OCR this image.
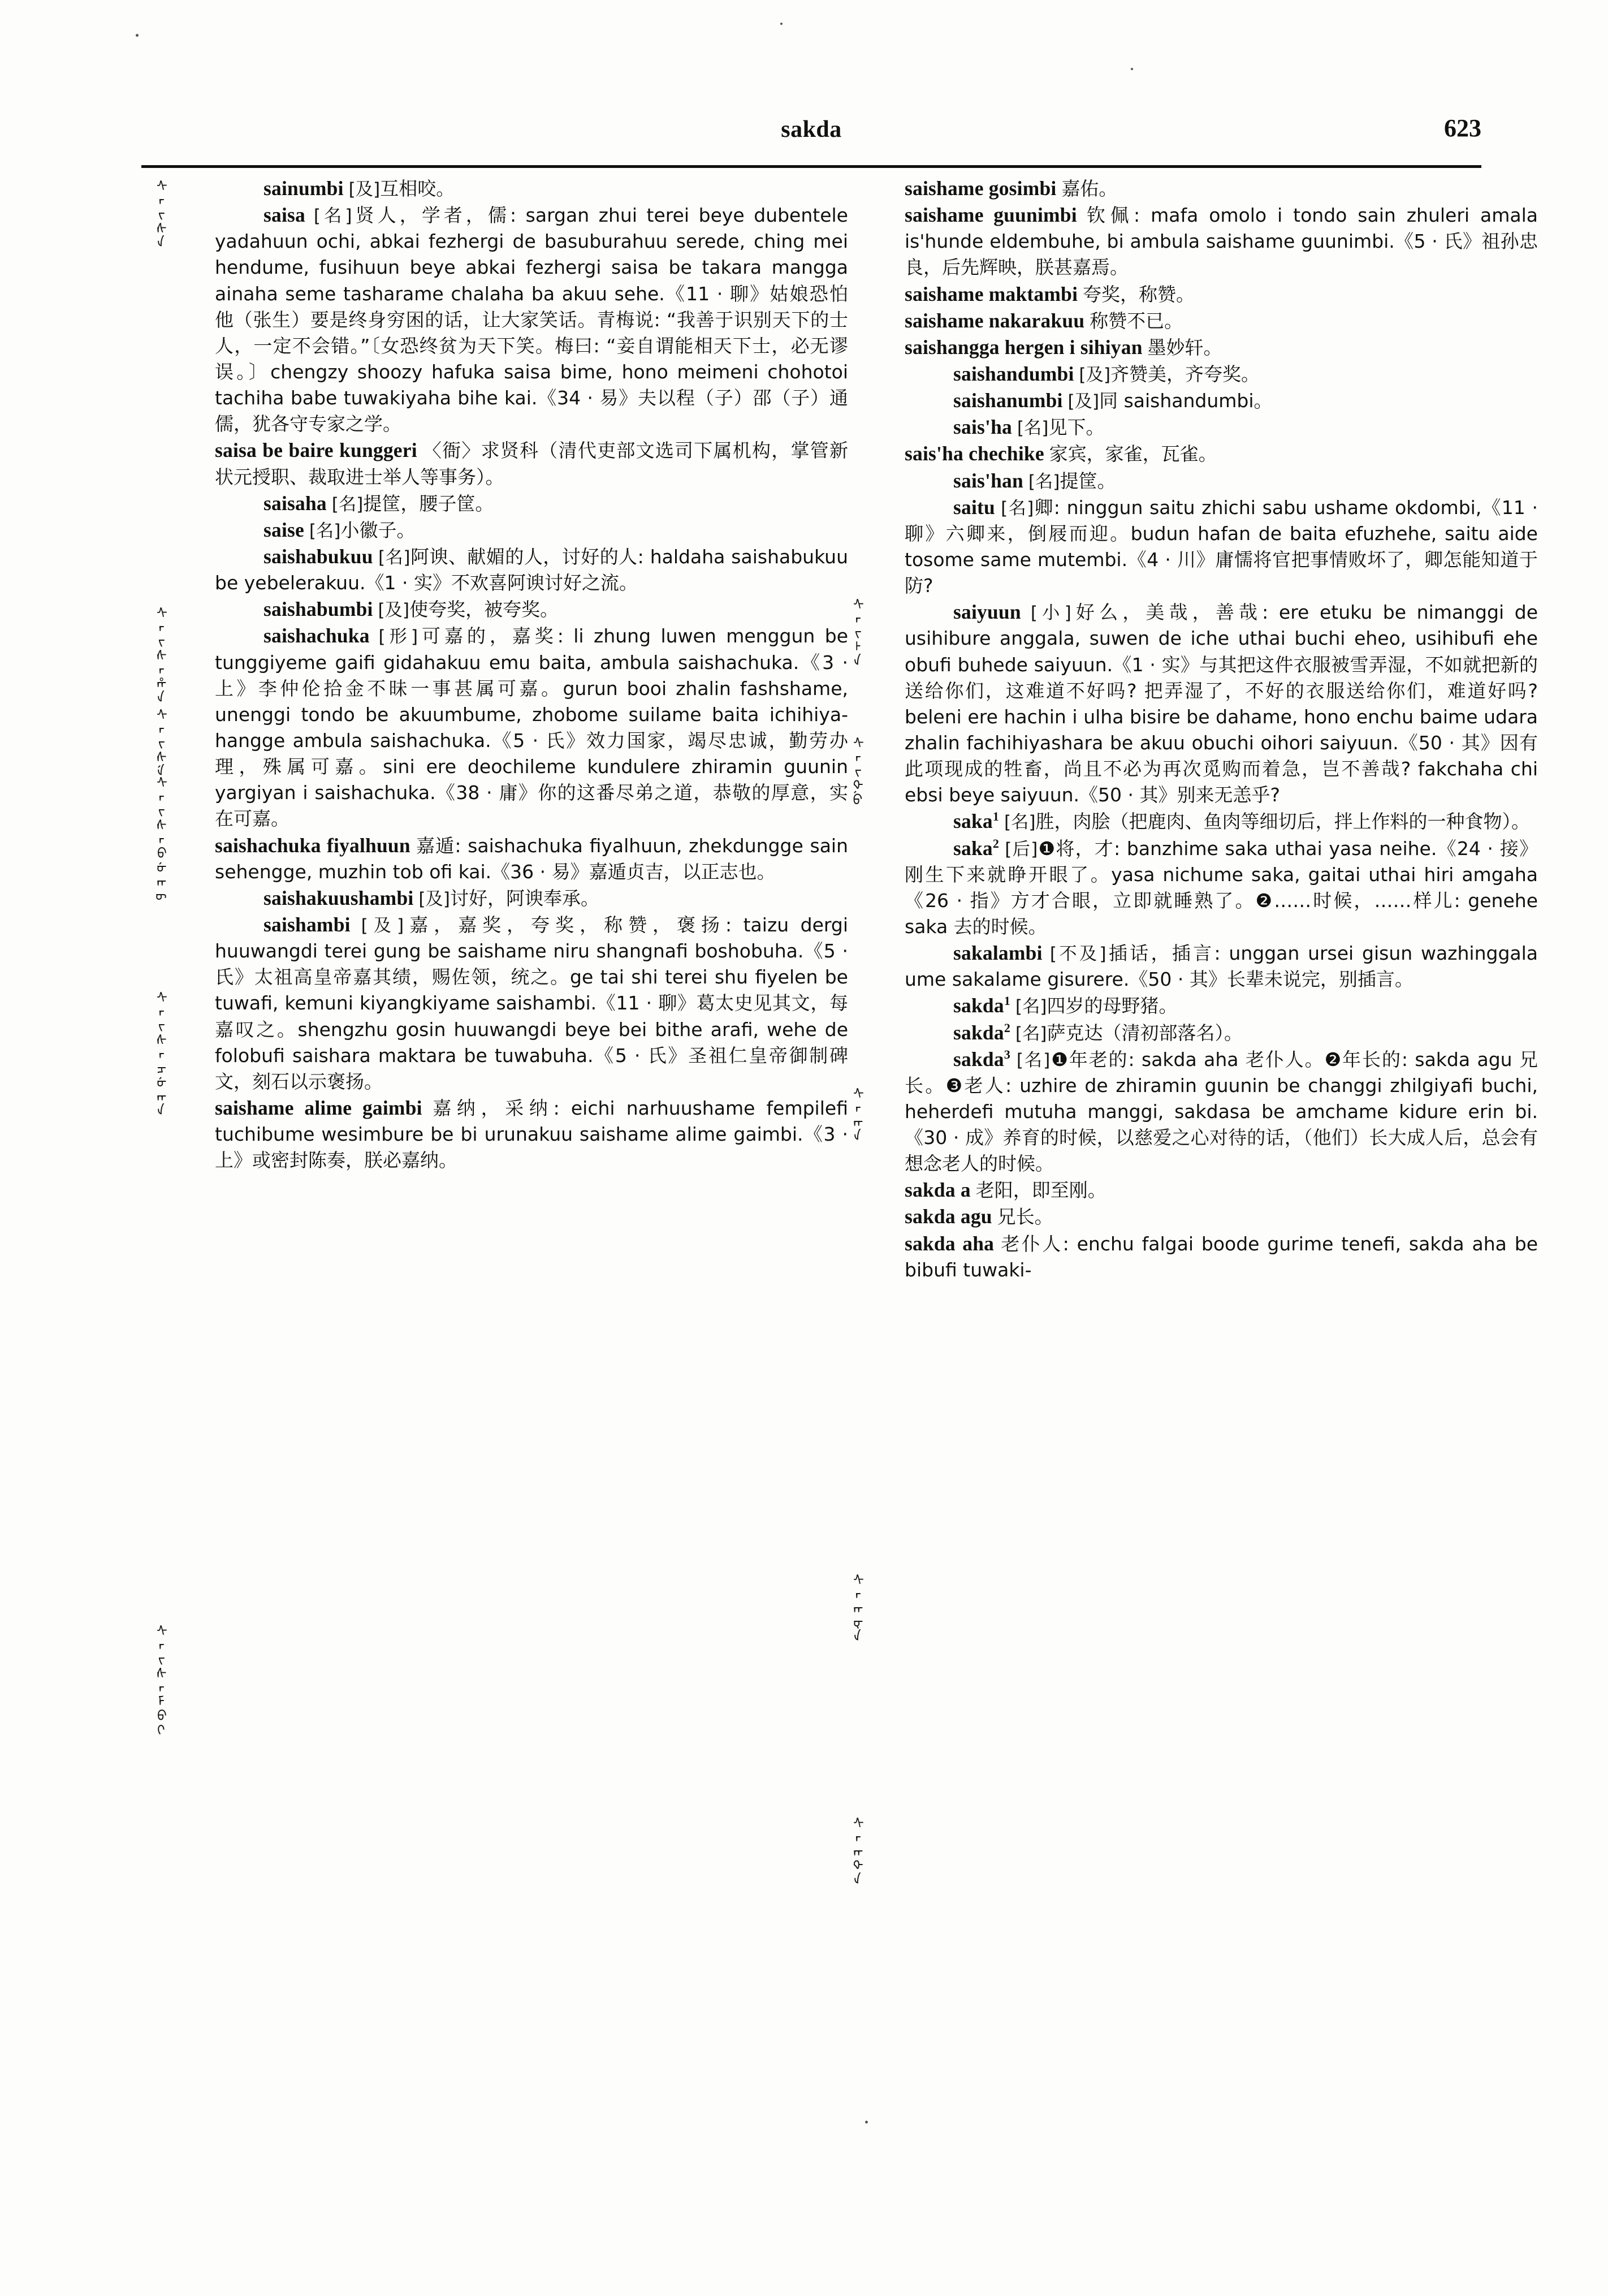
sakda	623
ᠰᠠᡳᠰᠠ
ᠰᠠᡳᠰᠠᡥᠠ
ᠰᠠᡳᠰᡝ
ᠰᠠᡳᠰᠠᠪᡠᡴᡡ
ᠰᠠᡳᠰᠠᠴᡠᡴᠠ
ᠰᠠᡳᠰᠠᠮᠪᡳ
ᠰᠠᡳᡰᠠ
ᠰᠠᡳᡐᡠ
ᠰᠠᡴᠠ
ᠰᠠᡴᡇᠠ
ᠰᠠᡴᡐᠠ

sainumbi [及]互相咬。

saisa [名]贤人，学者，儒: sargan zhui terei beye dubentele yadahuun ochi, abkai fezhergi de basuburahuu serede, ching mei hendume, fusihuun beye abkai fezhergi saisa be takara mangga ainaha seme tasharame chalaha ba akuu sehe.《11 · 聊》姑娘恐怕他（张生）要是终身穷困的话，让大家笑话。青梅说: “我善于识别天下的士人，一定不会错。”〔女恐终贫为天下笑。梅曰: “妾自谓能相天下士，必无谬误。〕chengzy shoozy hafuka saisa bime, hono meimeni chohotoi tachiha babe tuwakiyaha bihe kai.《34 · 易》夫以程（子）邵（子）通儒，犹各守专家之学。

saisa be baire kunggeri 〈衙〉求贤科（清代吏部文选司下属机构，掌管新状元授职、裁取进士举人等事务）。

saisaha [名]提筐，腰子筐。

saise [名]小徽子。

saishabukuu [名]阿谀、献媚的人，讨好的人: haldaha saishabukuu be yebelerakuu.《1 · 实》不欢喜阿谀讨好之流。

saishabumbi [及]使夸奖，被夸奖。

saishachuka [形]可嘉的，嘉奖: li zhung luwen menggun be tunggiyeme gaifi gidahakuu emu baita, ambula saishachuka.《3 · 上》李仲伦拾金不昧一事甚属可嘉。gurun booi zhalin fashshame, unenggi tondo be akuumbume, zhobome suilame baita ichihiya-hangge ambula saishachuka.《5 · 氏》效力国家，竭尽忠诚，勤劳办理，殊属可嘉。sini ere deochileme kundulere zhiramin guunin yargiyan i saishachuka.《38 · 庸》你的这番尽弟之道，恭敬的厚意，实在可嘉。

saishachuka fiyalhuun 嘉遁: saishachuka fiyalhuun, zhekdungge sain sehengge, muzhin tob ofi kai.《36 · 易》嘉遁贞吉，以正志也。

saishakuushambi [及]讨好，阿谀奉承。

saishambi [及]嘉，嘉奖，夸奖，称赞，褒扬: taizu dergi huuwangdi terei gung be saishame niru shangnafi boshobuha.《5 · 氏》太祖高皇帝嘉其绩，赐佐领，统之。ge tai shi terei shu fiyelen be tuwafi, kemuni kiyangkiyame saishambi.《11 · 聊》葛太史见其文，每嘉叹之。shengzhu gosin huuwangdi beye bei bithe arafi, wehe de folobufi saishara maktara be tuwabuha.《5 · 氏》圣祖仁皇帝御制碑文，刻石以示褒扬。

saishame alime gaimbi 嘉纳，采纳: eichi narhuushame fempilefi tuchibume wesimbure be bi urunakuu saishame alime gaimbi.《3 · 上》或密封陈奏，朕必嘉纳。

saishame gosimbi 嘉佑。

saishame guunimbi 钦佩: mafa omolo i tondo sain zhuleri amala is'hunde eldembuhe, bi ambula saishame guunimbi.《5 · 氏》祖孙忠良，后先辉映，朕甚嘉焉。

saishame maktambi 夸奖，称赞。

saishame nakarakuu 称赞不已。

saishangga hergen i sihiyan 墨妙轩。

saishandumbi [及]齐赞美，齐夸奖。

saishanumbi [及]同 saishandumbi。

sais'ha [名]见下。

sais'ha chechike 家宾，家雀，瓦雀。

sais'han [名]提筐。

saitu [名]卿: ninggun saitu zhichi sabu ushame okdombi,《11 · 聊》六卿来，倒屐而迎。budun hafan de baita efuzhehe, saitu aide tosome same mutembi.《4 · 川》庸懦将官把事情败坏了，卿怎能知道于防?

saiyuun [小]好么，美哉，善哉: ere etuku be nimanggi de usihibure anggala, suwen de iche uthai buchi eheo, usihibufi ehe obufi buhede saiyuun.《1 · 实》与其把这件衣服被雪弄湿，不如就把新的送给你们，这难道不好吗? 把弄湿了，不好的衣服送给你们，难道好吗? beleni ere hachin i ulha bisire be dahame, hono enchu baime udara zhalin fachihiyashara be akuu obuchi oihori saiyuun.《50 · 其》因有此项现成的牲畜，尚且不必为再次觅购而着急，岂不善哉? fakchaha chi ebsi beye saiyuun.《50 · 其》别来无恙乎?

saka$^1$ [名]胜，肉脍（把鹿肉、鱼肉等细切后，拌上作料的一种食物）。

saka$^2$ [后]❶将，才: banzhime saka uthai yasa neihe.《24 · 接》刚生下来就睁开眼了。yasa nichume saka, gaitai uthai hiri amgaha《26 · 指》方才合眼，立即就睡熟了。❷……时候，……样儿: genehe saka 去的时候。

sakalambi [不及]插话，插言: unggan ursei gisun wazhinggala ume sakalame gisurere.《50 · 其》长辈未说完，别插言。

sakda$^1$ [名]四岁的母野猪。

sakda$^2$ [名]萨克达（清初部落名）。

sakda$^3$ [名]❶年老的: sakda aha 老仆人。❷年长的: sakda agu 兄长。❸老人: uzhire de zhiramin guunin be changgi zhilgiyafi buchi, heherdefi mutuha manggi, sakdasa be amchame kidure erin bi.《30 · 成》养育的时候，以慈爱之心对待的话，（他们）长大成人后，总会有想念老人的时候。

sakda a 老阳，即至刚。

sakda agu 兄长。

sakda aha 老仆人: enchu falgai boode gurime tenefi, sakda aha be bibufi tuwaki-
